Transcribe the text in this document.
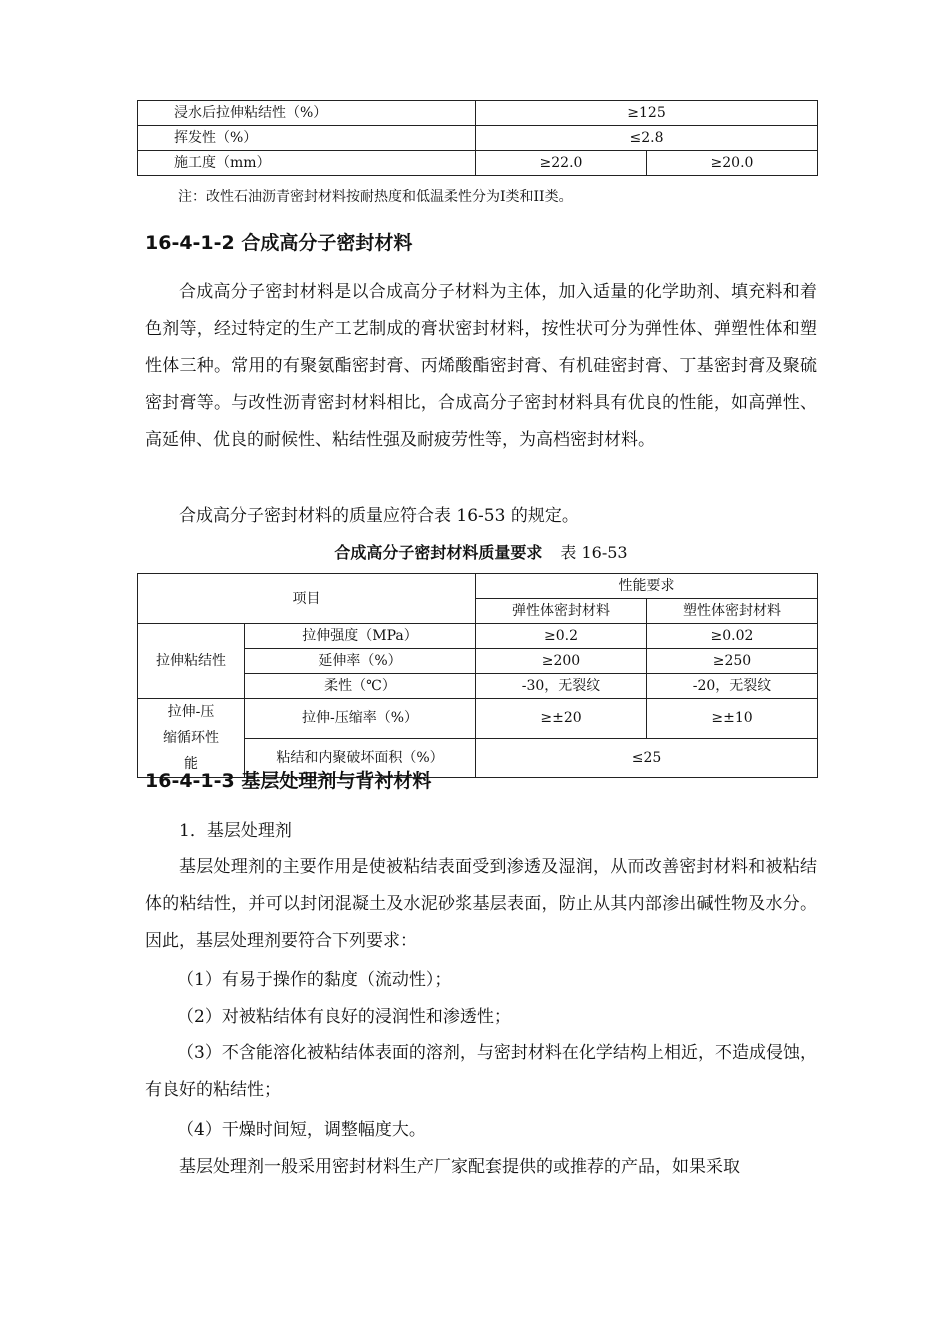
浸水后拉伸粘结性（%）	≥125	
挥发性（%）	≤2.8	
施工度（mm）	≥22.0	≥20.0
注：改性石油沥青密封材料按耐热度和低温柔性分为I类和II类。
16-4-1-2 合成高分子密封材料

合成高分子密封材料是以合成高分子材料为主体，加入适量的化学助剂、填充料和着色剂等，经过特定的生产工艺制成的膏状密封材料，按性状可分为弹性体、弹塑性体和塑性体三种。常用的有聚氨酯密封膏、丙烯酸酯密封膏、有机硅密封膏、丁基密封膏及聚硫密封膏等。与改性沥青密封材料相比，合成高分子密封材料具有优良的性能，如高弹性、高延伸、优良的耐候性、粘结性强及耐疲劳性等，为高档密封材料。

合成高分子密封材料的质量应符合表 16-53 的规定。
合成高分子密封材料质量要求 表 16-53
项目		性能要求	
		弹性体密封材料	塑性体密封材料
拉伸粘结性	拉伸强度（MPa）	≥0.2	≥0.02
	延伸率（%）	≥200	≥250
	柔性（℃）	-30，无裂纹	-20，无裂纹
拉伸-压缩循环性能	拉伸-压缩率（%）	≥±20	≥±10
	粘结和内聚破坏面积（%）	≤25	
16-4-1-3 基层处理剂与背衬材料
1．基层处理剂

基层处理剂的主要作用是使被粘结表面受到渗透及湿润，从而改善密封材料和被粘结体的粘结性，并可以封闭混凝土及水泥砂浆基层表面，防止从其内部渗出碱性物及水分。因此，基层处理剂要符合下列要求：

（1）有易于操作的黏度（流动性）；
（2）对被粘结体有良好的浸润性和渗透性；

（3）不含能溶化被粘结体表面的溶剂，与密封材料在化学结构上相近，不造成侵蚀，有良好的粘结性；

（4）干燥时间短，调整幅度大。
基层处理剂一般采用密封材料生产厂家配套提供的或推荐的产品，如果采取
